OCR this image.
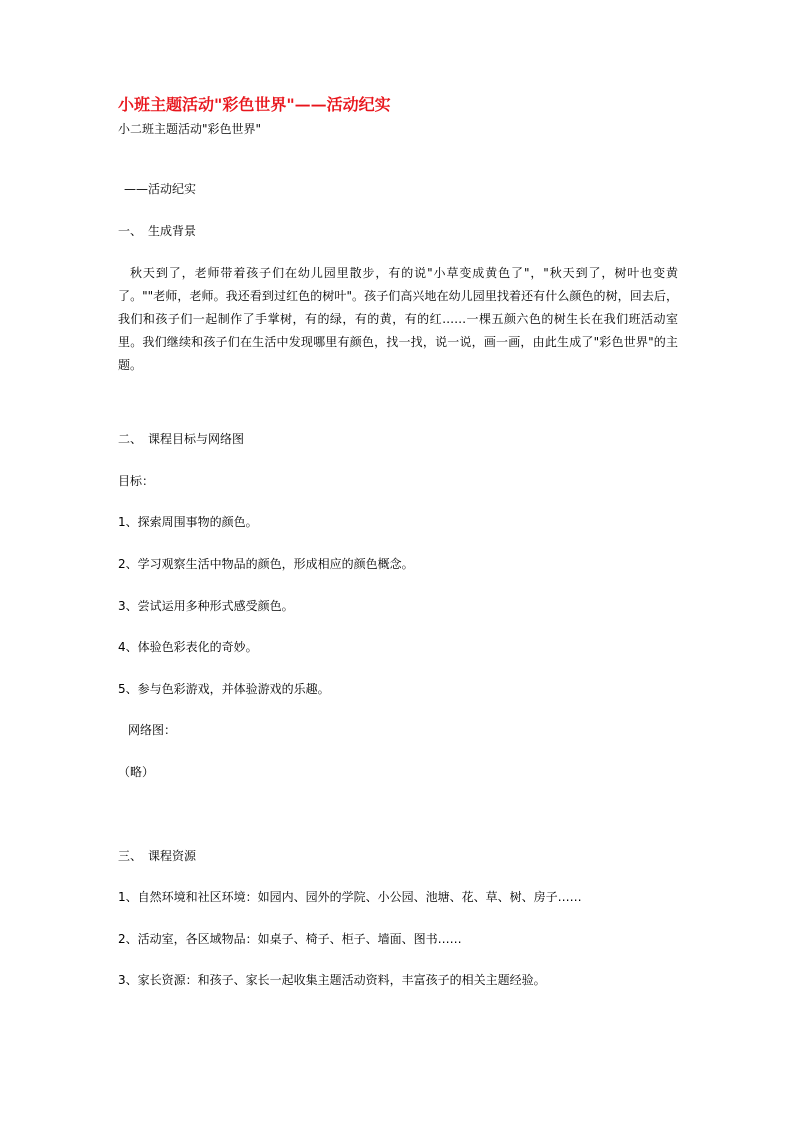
小班主题活动"彩色世界"——活动纪实

小二班主题活动"彩色世界"

——活动纪实

一、　生成背景

秋天到了，老师带着孩子们在幼儿园里散步，有的说"小草变成黄色了"，"秋天到了，树叶也变黄了。""老师，老师。我还看到过红色的树叶"。孩子们高兴地在幼儿园里找着还有什么颜色的树，回去后，我们和孩子们一起制作了手掌树，有的绿，有的黄，有的红……一棵五颜六色的树生长在我们班活动室里。我们继续和孩子们在生活中发现哪里有颜色，找一找，说一说，画一画，由此生成了"彩色世界"的主题。

二、　课程目标与网络图

目标：

1、探索周围事物的颜色。

2、学习观察生活中物品的颜色，形成相应的颜色概念。

3、尝试运用多种形式感受颜色。

4、体验色彩表化的奇妙。

5、参与色彩游戏，并体验游戏的乐趣。

网络图：

（略）

三、　课程资源

1、自然环境和社区环境：如园内、园外的学院、小公园、池塘、花、草、树、房子……

2、活动室，各区域物品：如桌子、椅子、柜子、墙面、图书……

3、家长资源：和孩子、家长一起收集主题活动资料，丰富孩子的相关主题经验。
